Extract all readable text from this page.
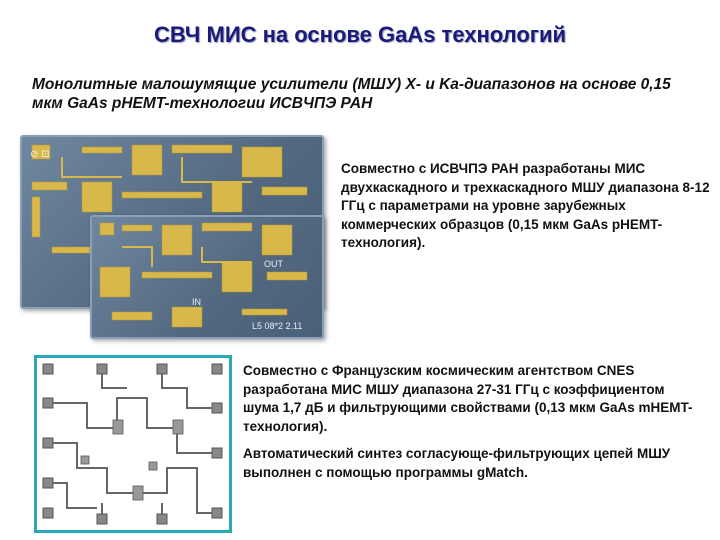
СВЧ МИС на основе GaAs технологий
Монолитные малошумящие усилители (МШУ) X- и Ka-диапазонов на основе 0,15 мкм GaAs pHEMT-технологии ИСВЧПЭ РАН
⊘ ⊡
OUT
L5 08*2 2.11
IN
Совместно с ИСВЧПЭ РАН разработаны МИС двухкаскадного и трехкаскадного МШУ диапазона 8-12 ГГц с параметрами на уровне зарубежных коммерческих образцов (0,15 мкм GaAs pHEMT-технология).
Совместно с Французским космическим агентством CNES разработана МИС МШУ диапазона 27-31 ГГц с коэффициентом шума 1,7 дБ и фильтрующими свойствами (0,13 мкм GaAs mHEMT-технология).
Автоматический синтез согласующе-фильтрующих цепей МШУ выполнен с помощью программы gMatch.
